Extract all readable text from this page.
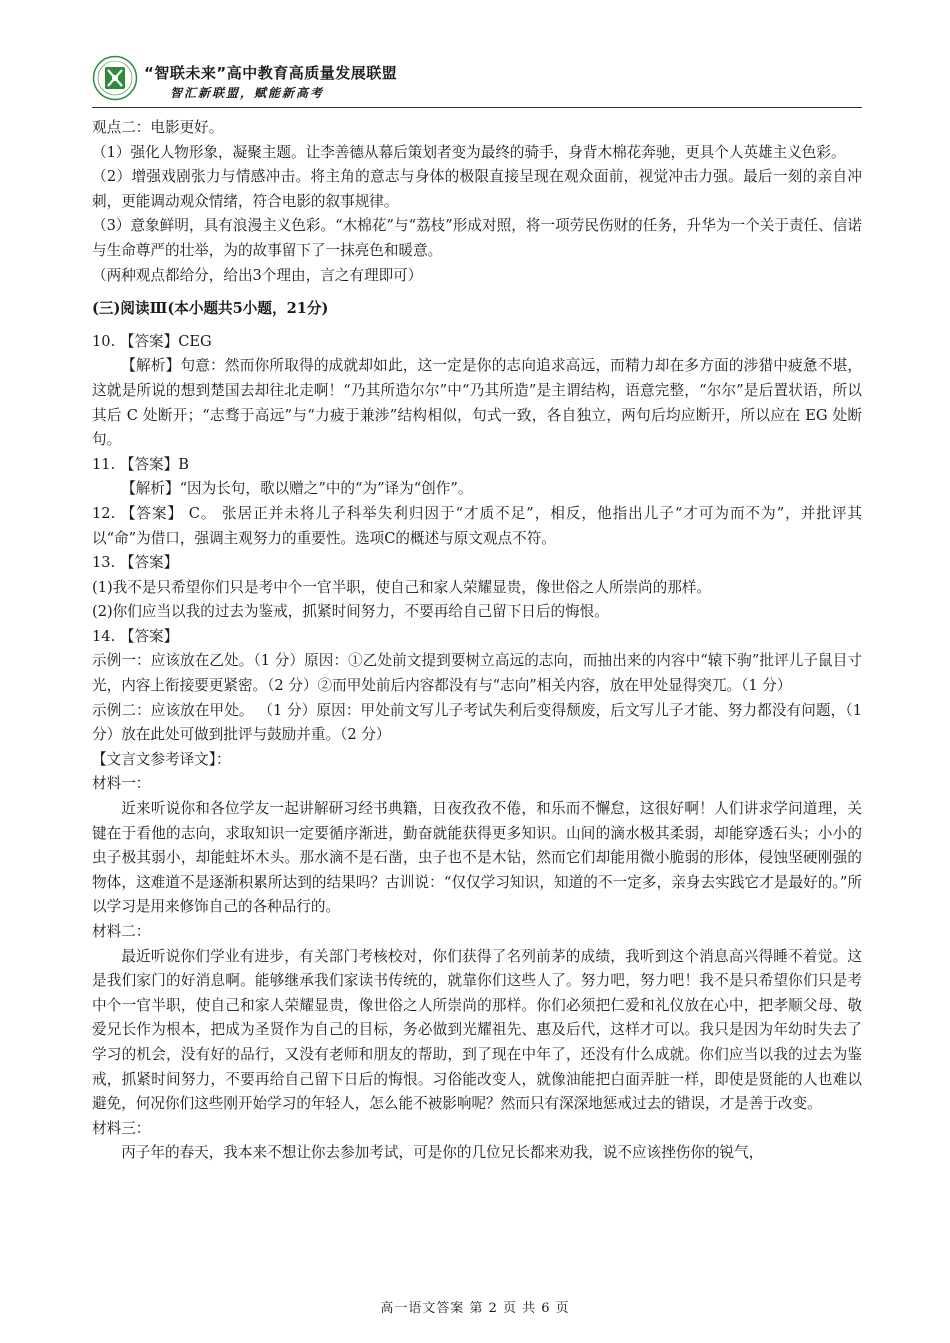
“智联未来”高中教育高质量发展联盟
智汇新联盟，赋能新高考

观点二：电影更好。

（1）强化人物形象，凝聚主题。让李善德从幕后策划者变为最终的骑手，身背木棉花奔驰，更具个人英雄主义色彩。

（2）增强戏剧张力与情感冲击。将主角的意志与身体的极限直接呈现在观众面前，视觉冲击力强。最后一刻的亲自冲刺，更能调动观众情绪，符合电影的叙事规律。

（3）意象鲜明，具有浪漫主义色彩。“木棉花”与“荔枝”形成对照，将一项劳民伤财的任务，升华为一个关于责任、信诺与生命尊严的壮举，为的故事留下了一抹亮色和暖意。

（两种观点都给分，给出3个理由，言之有理即可）

(三)阅读Ⅲ(本小题共5小题，21分)

10. 【答案】CEG

【解析】句意：然而你所取得的成就却如此，这一定是你的志向追求高远，而精力却在多方面的涉猎中疲惫不堪，这就是所说的想到楚国去却往北走啊！“乃其所造尔尔”中“乃其所造”是主谓结构，语意完整，“尔尔”是后置状语，所以其后 C 处断开；“志骛于高远”与“力疲于兼涉”结构相似，句式一致，各自独立，两句后均应断开，所以应在 EG 处断句。

11. 【答案】B

【解析】“因为长句，歌以赠之”中的“为”译为“创作”。

12. 【答案】 C。 张居正并未将儿子科举失利归因于“才质不足”，相反，他指出儿子“才可为而不为”，并批评其以“命”为借口，强调主观努力的重要性。选项C的概述与原文观点不符。

13. 【答案】

(1)我不是只希望你们只是考中个一官半职，使自己和家人荣耀显贵，像世俗之人所崇尚的那样。

(2)你们应当以我的过去为鉴戒，抓紧时间努力，不要再给自己留下日后的悔恨。

14. 【答案】

示例一：应该放在乙处。（1 分）原因：①乙处前文提到要树立高远的志向，而抽出来的内容中“辕下驹”批评儿子鼠目寸光，内容上衔接要更紧密。（2 分）②而甲处前后内容都没有与“志向”相关内容，放在甲处显得突兀。（1 分）

示例二：应该放在甲处。 （1 分）原因：甲处前文写儿子考试失利后变得颓废，后文写儿子才能、努力都没有问题，（1 分）放在此处可做到批评与鼓励并重。（2 分）

【文言文参考译文】：

材料一：

近来听说你和各位学友一起讲解研习经书典籍，日夜孜孜不倦，和乐而不懈怠，这很好啊！人们讲求学问道理，关键在于看他的志向，求取知识一定要循序渐进，勤奋就能获得更多知识。山间的滴水极其柔弱，却能穿透石头；小小的虫子极其弱小，却能蛀坏木头。那水滴不是石凿，虫子也不是木钻，然而它们却能用微小脆弱的形体，侵蚀坚硬刚强的物体，这难道不是逐渐积累所达到的结果吗？古训说：“仅仅学习知识，知道的不一定多，亲身去实践它才是最好的。”所以学习是用来修饰自己的各种品行的。

材料二：

最近听说你们学业有进步，有关部门考核校对，你们获得了名列前茅的成绩，我听到这个消息高兴得睡不着觉。这是我们家门的好消息啊。能够继承我们家读书传统的，就靠你们这些人了。努力吧，努力吧！我不是只希望你们只是考中个一官半职，使自己和家人荣耀显贵，像世俗之人所崇尚的那样。你们必须把仁爱和礼仪放在心中，把孝顺父母、敬爱兄长作为根本，把成为圣贤作为自己的目标，务必做到光耀祖先、惠及后代，这样才可以。我只是因为年幼时失去了学习的机会，没有好的品行，又没有老师和朋友的帮助，到了现在中年了，还没有什么成就。你们应当以我的过去为鉴戒，抓紧时间努力，不要再给自己留下日后的悔恨。习俗能改变人，就像油能把白面弄脏一样，即使是贤能的人也难以避免，何况你们这些刚开始学习的年轻人，怎么能不被影响呢？然而只有深深地惩戒过去的错误，才是善于改变。

材料三：

丙子年的春天，我本来不想让你去参加考试，可是你的几位兄长都来劝我，说不应该挫伤你的锐气，

高一语文答案 第 2 页 共 6 页
